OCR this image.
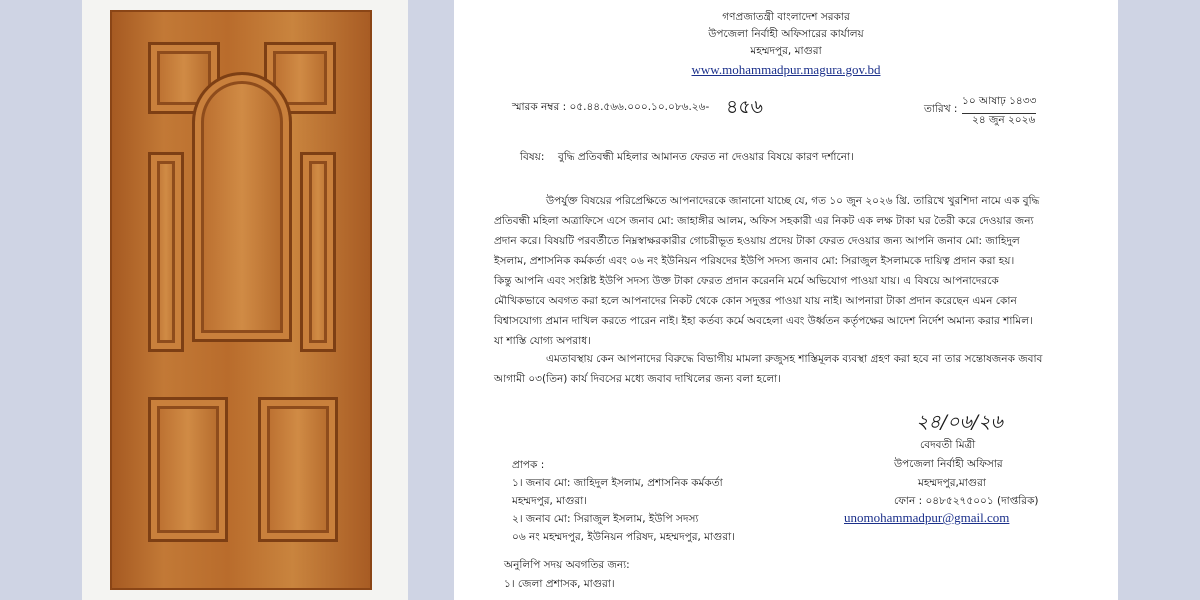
গণপ্রজাতন্ত্রী বাংলাদেশ সরকার

উপজেলা নির্বাহী অফিসারের কার্যালয়

মহম্মদপুর, মাগুরা

www.mohammadpur.magura.gov.bd

স্মারক নম্বর : ০৫.৪৪.৫৬৬.০০০.১০.০৮৬.২৬- ৪৫৬	তারিখ :

১০ আষাঢ় ১৪৩৩

২৪ জুন ২০২৬

বিষয়: বুদ্ধি প্রতিবন্ধী মহিলার আমানত ফেরত না দেওয়ার বিষয়ে কারণ দর্শানো।

উপর্যুক্ত বিষয়ের পরিপ্রেক্ষিতে আপনাদেরকে জানানো যাচ্ছে যে, গত ১০ জুন ২০২৬ খ্রি. তারিখে খুরশিদা নামে এক বুদ্ধি

প্রতিবন্ধী মহিলা অত্রাফিসে এসে জনাব মো: জাহাঙ্গীর আলম, অফিস সহকারী এর নিকট এক লক্ষ টাকা ঘর তৈরী করে দেওয়ার জন্য

প্রদান করে। বিষয়টি পরবর্তীতে নিম্নস্বাক্ষরকারীর গোচরীভূত হওয়ায় প্রদেয় টাকা ফেরত দেওয়ার জন্য আপনি জনাব মো: জাহিদুল

ইসলাম, প্রশাসনিক কর্মকর্তা এবং ০৬ নং ইউনিয়ন পরিষদের ইউপি সদস্য জনাব মো: সিরাজুল ইসলামকে দায়িত্ব প্রদান করা হয়।

কিন্তু আপনি এবং সংশ্লিষ্ট ইউপি সদস্য উক্ত টাকা ফেরত প্রদান করেননি মর্মে অভিযোগ পাওয়া যায়। এ বিষয়ে আপনাদেরকে

মৌখিকভাবে অবগত করা হলে আপনাদের নিকট থেকে কোন সদুত্তর পাওয়া যায় নাই। আপনারা টাকা প্রদান করেছেন এমন কোন

বিশ্বাসযোগ্য প্রমান দাখিল করতে পারেন নাই। ইহা কর্তব্য কর্মে অবহেলা এবং উর্ধ্বতন কর্তৃপক্ষের আদেশ নির্দেশ অমান্য করার শামিল।

যা শাস্তি যোগ্য অপরাধ।

এমতাবস্থায় কেন আপনাদের বিরুদ্ধে বিভাগীয় মামলা রুজুসহ শাস্তিমূলক ব্যবস্থা গ্রহণ করা হবে না তার সন্তোষজনক জবাব

আগামী ০৩(তিন) কার্য দিবসের মধ্যে জবাব দাখিলের জন্য বলা হলো।

২৪/০৬/২৬

বেদবতী মিত্রী

উপজেলা নির্বাহী অফিসার

মহম্মদপুর,মাগুরা

ফোন : ০৪৮৫২৭৫০০১ (দাপ্তরিক)

unomohammadpur@gmail.com

প্রাপক :

১। জনাব মো: জাহিদুল ইসলাম, প্রশাসনিক কর্মকর্তা

মহম্মদপুর, মাগুরা।

২। জনাব মো: সিরাজুল ইসলাম, ইউপি সদস্য

০৬ নং মহম্মদপুর, ইউনিয়ন পরিষদ, মহম্মদপুর, মাগুরা।

অনুলিপি সদয় অবগতির জন্য:

১। জেলা প্রশাসক, মাগুরা।
